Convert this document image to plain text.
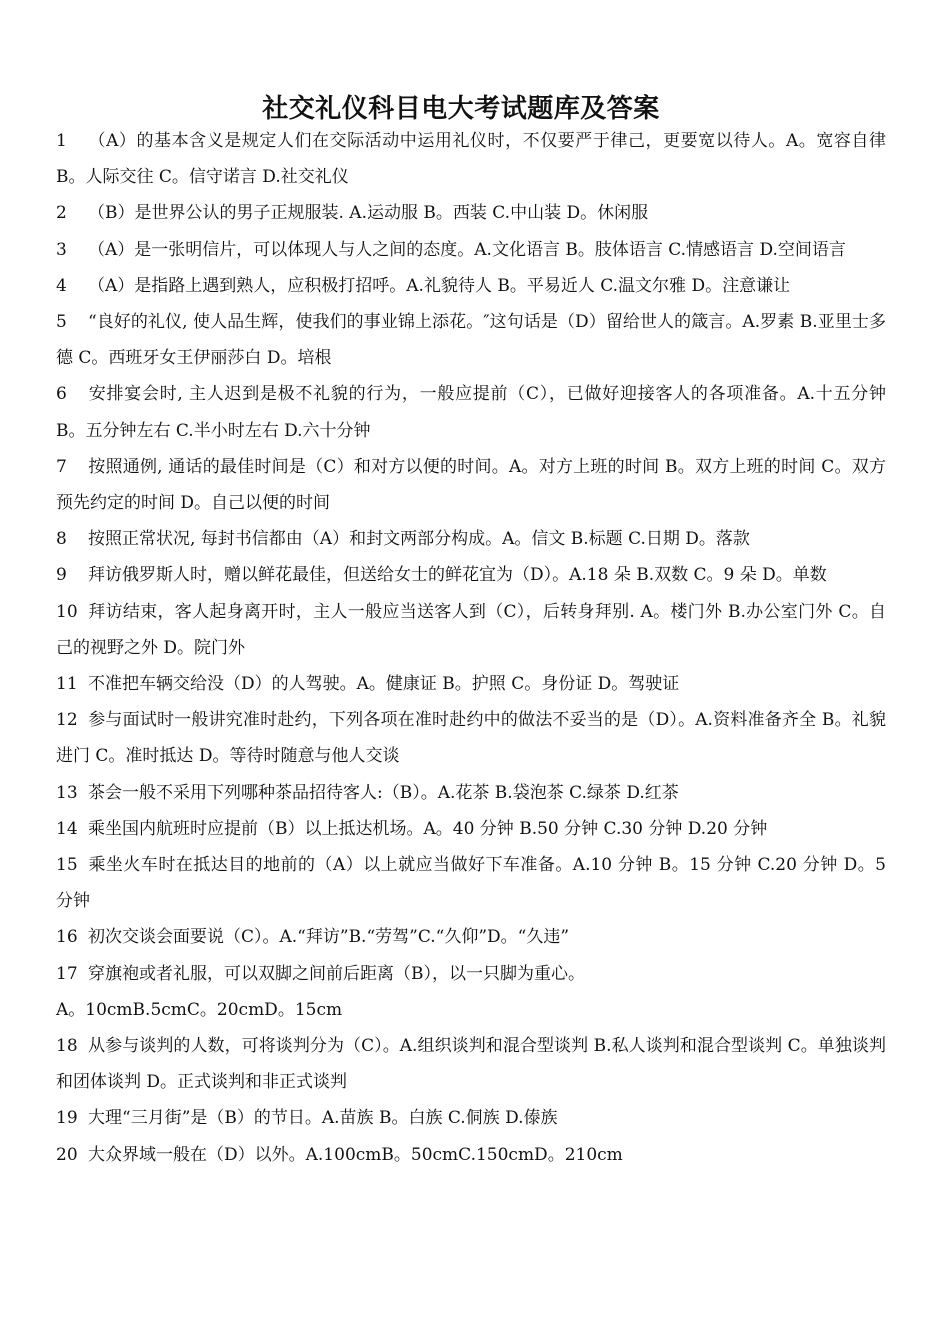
社交礼仪科目电大考试题库及答案

1 （A）的基本含义是规定人们在交际活动中运用礼仪时，不仅要严于律己，更要宽以待人。A。宽容自律 B。人际交往 C。信守诺言 D.社交礼仪

2 （B）是世界公认的男子正规服装. A.运动服 B。西装 C.中山装 D。休闲服

3 （A）是一张明信片，可以体现人与人之间的态度。A.文化语言 B。肢体语言 C.情感语言 D.空间语言

4 （A）是指路上遇到熟人，应积极打招呼。A.礼貌待人 B。平易近人 C.温文尔雅 D。注意谦让

5 “良好的礼仪, 使人品生辉，使我们的事业锦上添花。″这句话是（D）留给世人的箴言。A.罗素 B.亚里士多德 C。西班牙女王伊丽莎白 D。培根

6 安排宴会时, 主人迟到是极不礼貌的行为，一般应提前（C），已做好迎接客人的各项准备。A.十五分钟 B。五分钟左右 C.半小时左右 D.六十分钟

7 按照通例, 通话的最佳时间是（C）和对方以便的时间。A。对方上班的时间 B。双方上班的时间 C。双方预先约定的时间 D。自己以便的时间

8 按照正常状况, 每封书信都由（A）和封文两部分构成。A。信文 B.标题 C.日期 D。落款

9 拜访俄罗斯人时，赠以鲜花最佳，但送给女士的鲜花宜为（D）。A.18 朵 B.双数 C。9 朵 D。单数

10 拜访结束，客人起身离开时，主人一般应当送客人到（C），后转身拜别. A。楼门外 B.办公室门外 C。自己的视野之外 D。院门外

11 不准把车辆交给没（D）的人驾驶。A。健康证 B。护照 C。身份证 D。驾驶证

12 参与面试时一般讲究准时赴约，下列各项在准时赴约中的做法不妥当的是（D）。A.资料准备齐全 B。礼貌进门 C。准时抵达 D。等待时随意与他人交谈

13 茶会一般不采用下列哪种茶品招待客人:（B）。A.花茶 B.袋泡茶 C.绿茶 D.红茶

14 乘坐国内航班时应提前（B）以上抵达机场。A。40 分钟 B.50 分钟 C.30 分钟 D.20 分钟

15 乘坐火车时在抵达目的地前的（A）以上就应当做好下车准备。A.10 分钟 B。15 分钟 C.20 分钟 D。5 分钟

16 初次交谈会面要说（C）。A.“拜访”B.“劳驾”C.“久仰”D。“久违”

17 穿旗袍或者礼服，可以双脚之间前后距离（B），以一只脚为重心。

A。10cmB.5cmC。20cmD。15cm

18 从参与谈判的人数，可将谈判分为（C）。A.组织谈判和混合型谈判 B.私人谈判和混合型谈判 C。单独谈判和团体谈判 D。正式谈判和非正式谈判

19 大理“三月街”是（B）的节日。A.苗族 B。白族 C.侗族 D.傣族

20 大众界域一般在（D）以外。A.100cmB。50cmC.150cmD。210cm
